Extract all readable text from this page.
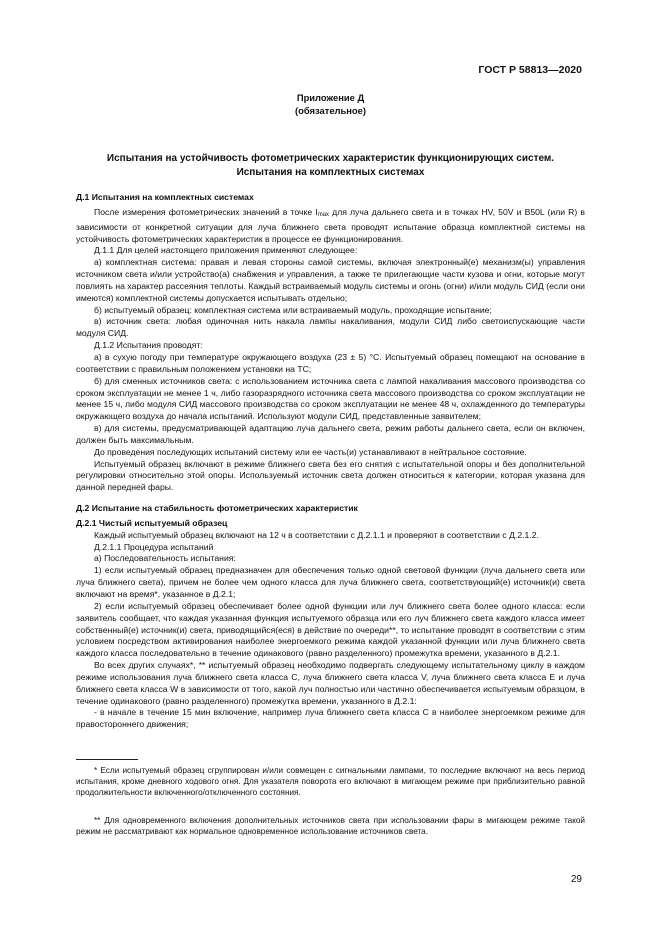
ГОСТ Р 58813—2020
Приложение Д
(обязательное)
Испытания на устойчивость фотометрических характеристик функционирующих систем.
Испытания на комплектных системах

Д.1 Испытания на комплектных системах

После измерения фотометрических значений в точке $I_{max}$ для луча дальнего света и в точках HV, 50V и B50L (или R) в зависимости от конкретной ситуации для луча ближнего света проводят испытание образца комплектной системы на устойчивость фотометрических характеристик в процессе ее функционирования.

Д.1.1 Для целей настоящего приложения применяют следующее:

а) комплектная система: правая и левая стороны самой системы, включая электронный(е) механизм(ы) управления источником света и/или устройство(а) снабжения и управления, а также те прилегающие части кузова и огни, которые могут повлиять на характер рассеяния теплоты. Каждый встраиваемый модуль системы и огонь (огни) и/или модуль СИД (если они имеются) комплектной системы допускается испытывать отдельно;

б) испытуемый образец: комплектная система или встраиваемый модуль, проходящие испытание;

в) источник света: любая одиночная нить накала лампы накаливания, модули СИД либо светоиспускающие части модуля СИД.

Д.1.2 Испытания проводят:

а) в сухую погоду при температуре окружающего воздуха (23 ± 5) °С. Испытуемый образец помещают на основание в соответствии с правильным положением установки на ТС;

б) для сменных источников света: с использованием источника света с лампой накаливания массового производства со сроком эксплуатации не менее 1 ч, либо газоразрядного источника света массового производства со сроком эксплуатации не менее 15 ч, либо модуля СИД массового производства со сроком эксплуатации не менее 48 ч, охлажденного до температуры окружающего воздуха до начала испытаний. Используют модули СИД, представленные заявителем;

в) для системы, предусматривающей адаптацию луча дальнего света, режим работы дальнего света, если он включен, должен быть максимальным.

До проведения последующих испытаний систему или ее часть(и) устанавливают в нейтральное состояние.

Испытуемый образец включают в режиме ближнего света без его снятия с испытательной опоры и без дополнительной регулировки относительно этой опоры. Используемый источник света должен относиться к категории, которая указана для данной передней фары.

Д.2 Испытание на стабильность фотометрических характеристик

Д.2.1 Чистый испытуемый образец

Каждый испытуемый образец включают на 12 ч в соответствии с Д.2.1.1 и проверяют в соответствии с Д.2.1.2.

Д.2.1.1 Процедура испытаний

а) Последовательность испытания:

1) если испытуемый образец предназначен для обеспечения только одной световой функции (луча дальнего света или луча ближнего света), причем не более чем одного класса для луча ближнего света, соответствующий(е) источник(и) света включают на время*, указанное в Д.2.1;

2) если испытуемый образец обеспечивает более одной функции или луч ближнего света более одного класса: если заявитель сообщает, что каждая указанная функция испытуемого образца или его луч ближнего света каждого класса имеет собственный(е) источник(и) света, приводящийся(еся) в действие по очереди**, то испытание проводят в соответствии с этим условием посредством активирования наиболее энергоемкого режима каждой указанной функции или луча ближнего света каждого класса последовательно в течение одинакового (равно разделенного) промежутка времени, указанного в Д.2.1.

Во всех других случаях*, ** испытуемый образец необходимо подвергать следующему испытательному циклу в каждом режиме использования луча ближнего света класса С, луча ближнего света класса V, луча ближнего света класса Е и луча ближнего света класса W в зависимости от того, какой луч полностью или частично обеспечивается испытуемым образцом, в течение одинакового (равно разделенного) промежутка времени, указанного в Д.2.1:

- в начале в течение 15 мин включение, например луча ближнего света класса С в наиболее энергоемком режиме для правостороннего движения;

* Если испытуемый образец сгруппирован и/или совмещен с сигнальными лампами, то последние включают на весь период испытания, кроме дневного ходового огня. Для указателя поворота его включают в мигающем режиме при приблизительно равной продолжительности включенного/отключенного состояния.

** Для одновременного включения дополнительных источников света при использовании фары в мигающем режиме такой режим не рассматривают как нормальное одновременное использование источников света.

29
